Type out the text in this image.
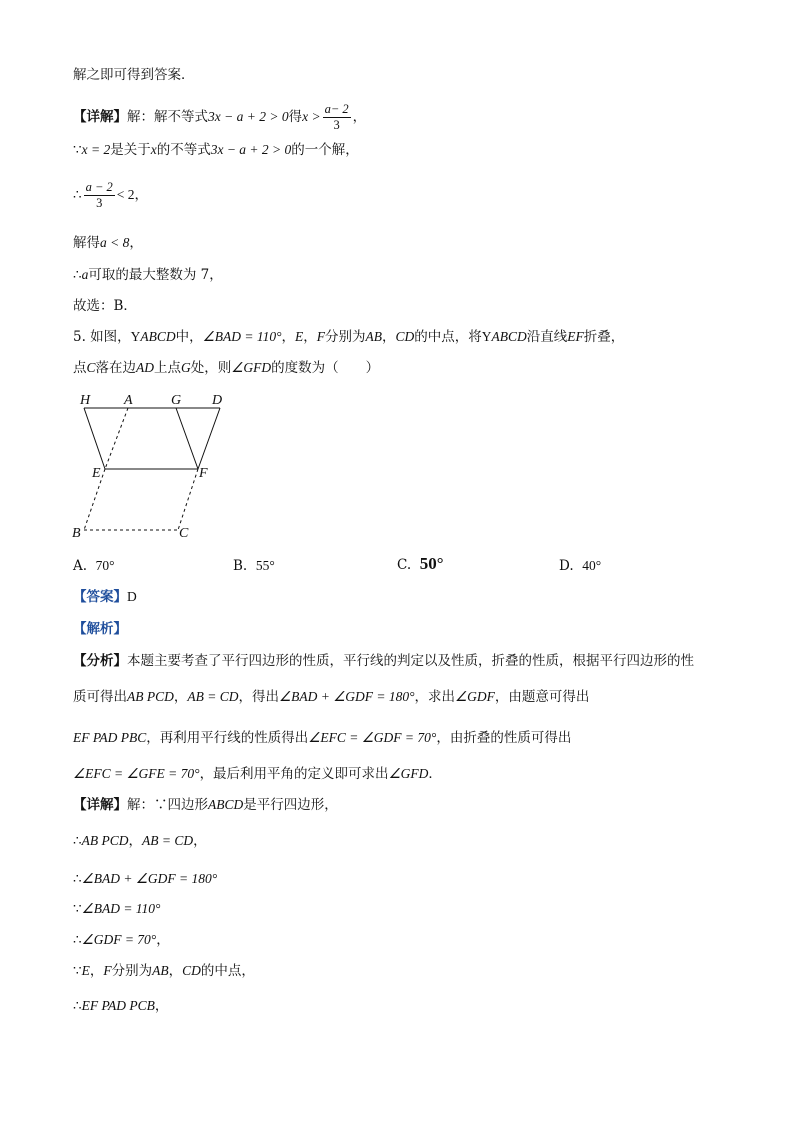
解之即可得到答案．
【详解】解：解不等式3x − a + 2 > 0得$x > \frac{a- 2}{3}$ ，
∵x = 2是关于x的不等式3x − a + 2 > 0的一个解，
∴ $\frac{a - 2}{3} < 2$，
解得a < 8，
∴a可取的最大整数为 7，
故选：B．
5. 如图，YABCD中，∠BAD = 110°，E，F分别为AB，CD的中点，将YABCD沿直线EF折叠，
点C落在边AD上点G处，则∠GFD的度数为（　　）
H A	G D
E	F
B	C
A. 70°	B. 55°	C. 50°	D. 40°
【答案】D
【解析】
【分析】本题主要考查了平行四边形的性质，平行线的判定以及性质，折叠的性质，根据平行四边形的性
质可得出AB PCD，AB = CD，得出∠BAD + ∠GDF = 180°，求出∠GDF，由题意可得出
EF PAD PBC，再利用平行线的性质得出∠EFC = ∠GDF = 70°，由折叠的性质可得出
∠EFC = ∠GFE = 70°，最后利用平角的定义即可求出∠GFD．
【详解】解：∵四边形ABCD是平行四边形，
∴AB PCD，AB = CD，
∴∠BAD + ∠GDF = 180°
∵∠BAD = 110°
∴∠GDF = 70°，
∵E，F分别为AB，CD的中点，
∴EF PAD PCB，
